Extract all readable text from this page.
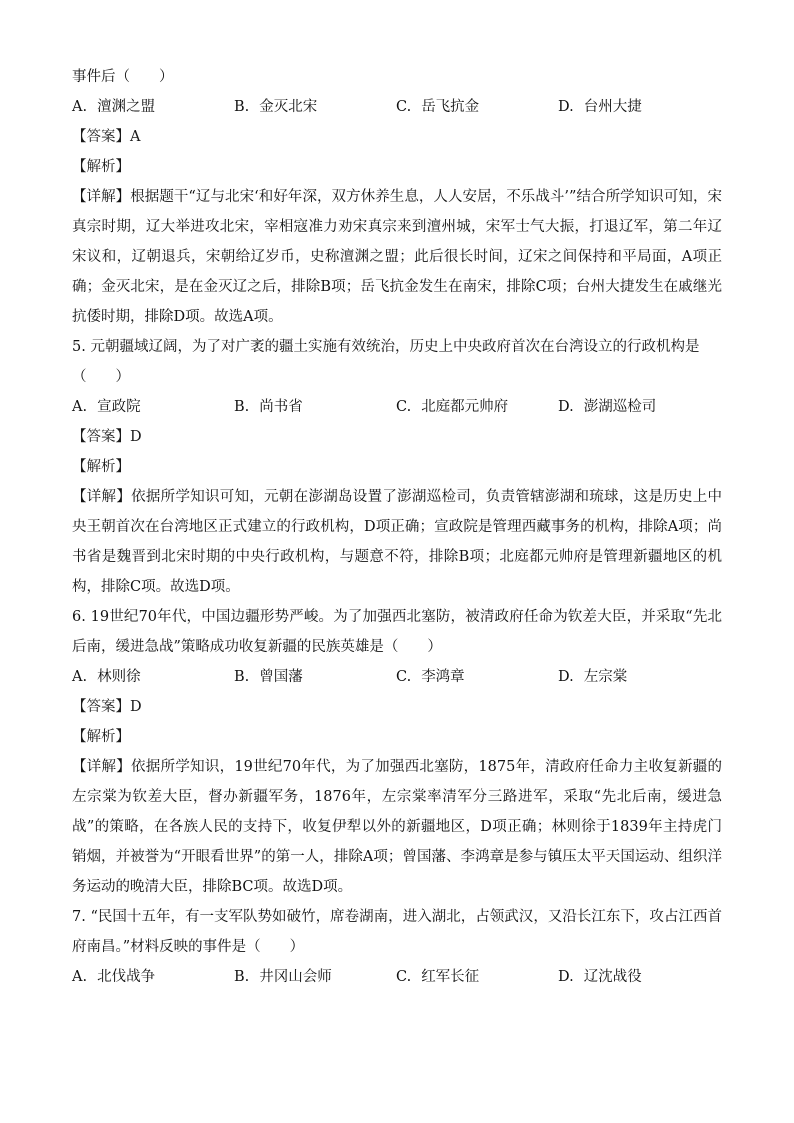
事件后（　　）
A. 澶渊之盟	B. 金灭北宋	C. 岳飞抗金	D. 台州大捷
【答案】A
【解析】
【详解】根据题干“辽与北宋‘和好年深，双方休养生息，人人安居，不乐战斗’”结合所学知识可知，宋真宗时期，辽大举进攻北宋，宰相寇准力劝宋真宗来到澶州城，宋军士气大振，打退辽军，第二年辽宋议和，辽朝退兵，宋朝给辽岁币，史称澶渊之盟；此后很长时间，辽宋之间保持和平局面，A项正确；金灭北宋，是在金灭辽之后，排除B项；岳飞抗金发生在南宋，排除C项；台州大捷发生在戚继光抗倭时期，排除D项。故选A项。
5. 元朝疆域辽阔，为了对广袤的疆土实施有效统治，历史上中央政府首次在台湾设立的行政机构是
（　　）
A. 宣政院	B. 尚书省	C. 北庭都元帅府	D. 澎湖巡检司
【答案】D
【解析】
【详解】依据所学知识可知，元朝在澎湖岛设置了澎湖巡检司，负责管辖澎湖和琉球，这是历史上中央王朝首次在台湾地区正式建立的行政机构，D项正确；宣政院是管理西藏事务的机构，排除A项；尚书省是魏晋到北宋时期的中央行政机构，与题意不符，排除B项；北庭都元帅府是管理新疆地区的机构，排除C项。故选D项。
6. 19世纪70年代，中国边疆形势严峻。为了加强西北塞防，被清政府任命为钦差大臣，并采取“先北后南，缓进急战”策略成功收复新疆的民族英雄是（　　）
A. 林则徐	B. 曾国藩	C. 李鸿章	D. 左宗棠
【答案】D
【解析】
【详解】依据所学知识，19世纪70年代，为了加强西北塞防，1875年，清政府任命力主收复新疆的左宗棠为钦差大臣，督办新疆军务，1876年，左宗棠率清军分三路进军，采取“先北后南，缓进急战”的策略，在各族人民的支持下，收复伊犁以外的新疆地区，D项正确；林则徐于1839年主持虎门销烟，并被誉为“开眼看世界”的第一人，排除A项；曾国藩、李鸿章是参与镇压太平天国运动、组织洋务运动的晚清大臣，排除BC项。故选D项。
7. “民国十五年，有一支军队势如破竹，席卷湖南，进入湖北，占领武汉，又沿长江东下，攻占江西首府南昌。”材料反映的事件是（　　）
A. 北伐战争	B. 井冈山会师	C. 红军长征	D. 辽沈战役
